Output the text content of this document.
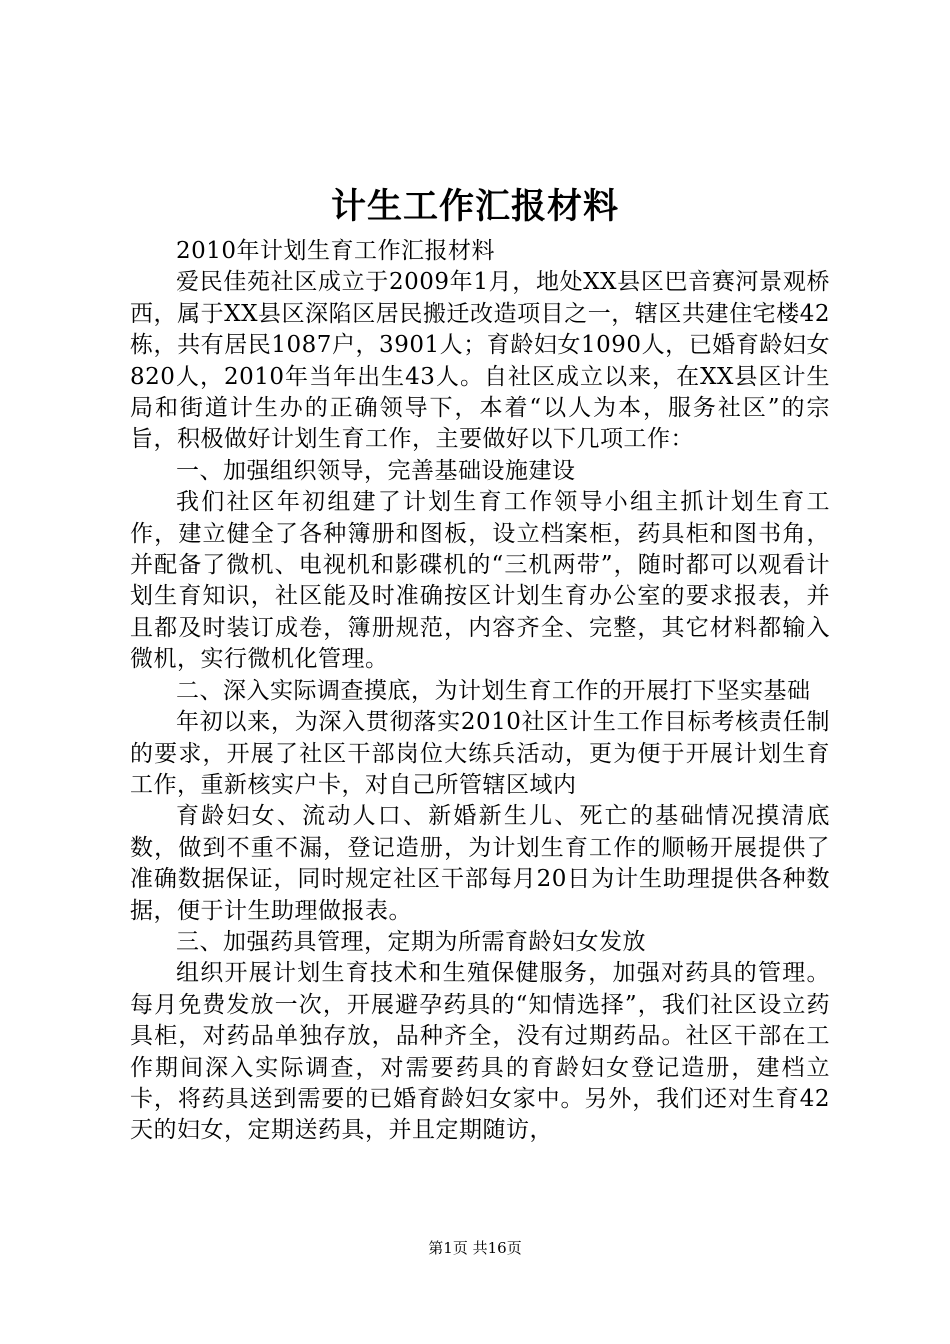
计生工作汇报材料

2010年计划生育工作汇报材料

爱民佳苑社区成立于2009年1月，地处XX县区巴音赛河景观桥西，属于XX县区深陷区居民搬迁改造项目之一，辖区共建住宅楼42栋，共有居民1087户，3901人；育龄妇女1090人，已婚育龄妇女820人，2010年当年出生43人。自社区成立以来，在XX县区计生局和街道计生办的正确领导下，本着“以人为本，服务社区”的宗旨，积极做好计划生育工作，主要做好以下几项工作：

一、加强组织领导，完善基础设施建设

我们社区年初组建了计划生育工作领导小组主抓计划生育工作，建立健全了各种簿册和图板，设立档案柜，药具柜和图书角，并配备了微机、电视机和影碟机的“三机两带”，随时都可以观看计划生育知识，社区能及时准确按区计划生育办公室的要求报表，并且都及时装订成卷，簿册规范，内容齐全、完整，其它材料都输入微机，实行微机化管理。

二、深入实际调查摸底，为计划生育工作的开展打下坚实基础

年初以来，为深入贯彻落实2010社区计生工作目标考核责任制的要求，开展了社区干部岗位大练兵活动，更为便于开展计划生育工作，重新核实户卡，对自己所管辖区域内

育龄妇女、流动人口、新婚新生儿、死亡的基础情况摸清底数，做到不重不漏，登记造册，为计划生育工作的顺畅开展提供了准确数据保证，同时规定社区干部每月20日为计生助理提供各种数据，便于计生助理做报表。

三、加强药具管理，定期为所需育龄妇女发放

组织开展计划生育技术和生殖保健服务，加强对药具的管理。每月免费发放一次，开展避孕药具的“知情选择”，我们社区设立药具柜，对药品单独存放，品种齐全，没有过期药品。社区干部在工作期间深入实际调查，对需要药具的育龄妇女登记造册，建档立卡，将药具送到需要的已婚育龄妇女家中。另外，我们还对生育42天的妇女，定期送药具，并且定期随访，

第1页 共16页
